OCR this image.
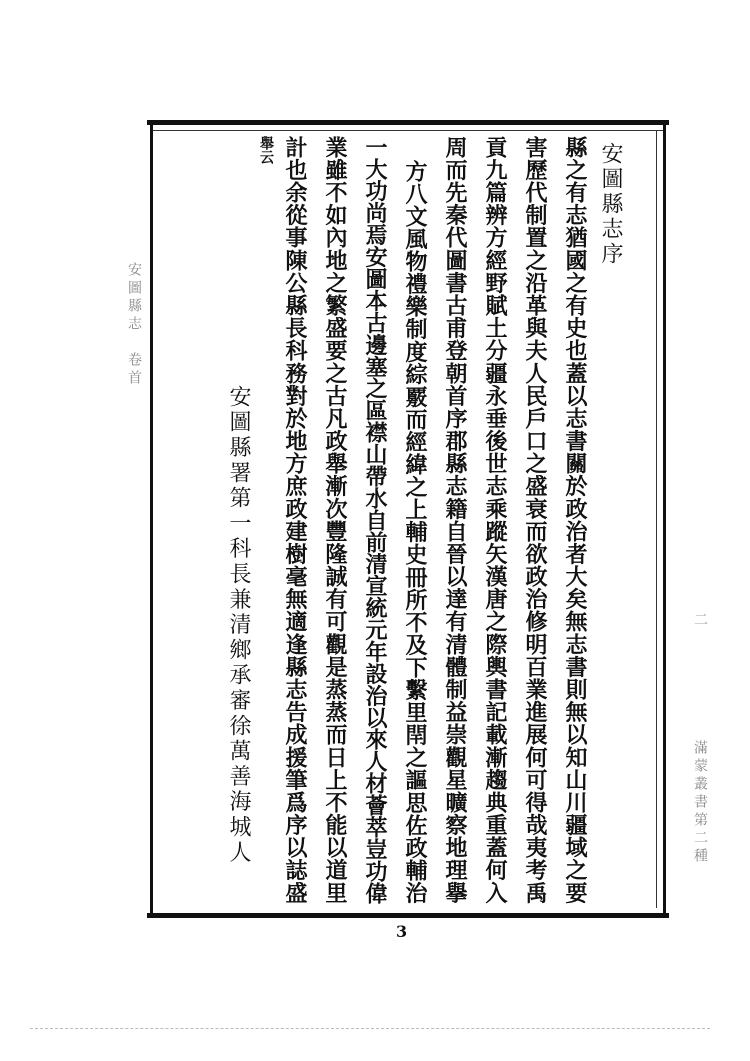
安圖縣志序
縣之有志猶國之有史也蓋以志書關於政治者大矣無志書則無以知山川疆域之要
害歷代制置之沿革與夫人民戶口之盛衰而欲政治修明百業進展何可得哉夷考禹
貢九篇辨方經野賦土分疆永垂後世志乘蹤矢漢唐之際輿書記載漸趨典重蓋何入
周而先秦代圖書古甫登朝首序郡縣志籍自晉以達有清體制益崇觀星曠察地理擧
方八文風物禮樂制度綜覈而經緯之上輔史冊所不及下繫里閈之謳思佐政輔治
一大功尚焉安圖本古邊塞之區襟山帶水自前清宣統元年設治以來人材薈萃豈功偉
業雖不如內地之繁盛要之古凡政舉漸次豐隆誠有可觀是蒸蒸而日上不能以道里
計也余從事陳公縣長科務對於地方庶政建樹毫無適逢縣志告成援筆爲序以誌盛
舉云
安圖縣署第一科長兼清鄉承審徐萬善海城人
安圖縣志　卷首
二
滿蒙叢書第二種
3
